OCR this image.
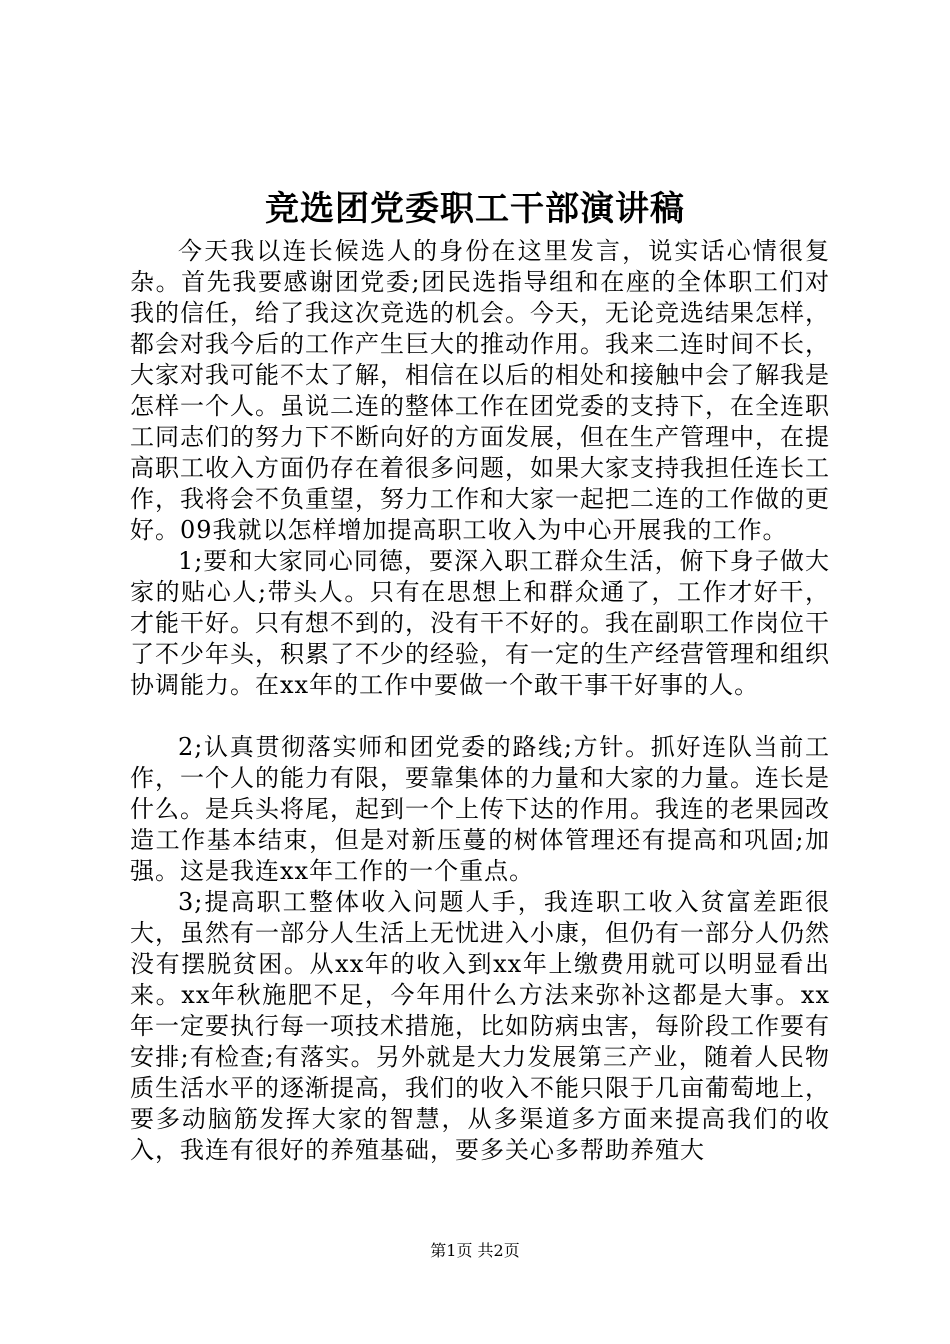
竞选团党委职工干部演讲稿

今天我以连长候选人的身份在这里发言，说实话心情很复杂。首先我要感谢团党委;团民选指导组和在座的全体职工们对我的信任，给了我这次竞选的机会。今天，无论竞选结果怎样，都会对我今后的工作产生巨大的推动作用。我来二连时间不长，大家对我可能不太了解，相信在以后的相处和接触中会了解我是怎样一个人。虽说二连的整体工作在团党委的支持下，在全连职工同志们的努力下不断向好的方面发展，但在生产管理中，在提高职工收入方面仍存在着很多问题，如果大家支持我担任连长工作，我将会不负重望，努力工作和大家一起把二连的工作做的更好。09我就以怎样增加提高职工收入为中心开展我的工作。

1;要和大家同心同德，要深入职工群众生活，俯下身子做大家的贴心人;带头人。只有在思想上和群众通了，工作才好干，才能干好。只有想不到的，没有干不好的。我在副职工作岗位干了不少年头，积累了不少的经验，有一定的生产经营管理和组织协调能力。在xx年的工作中要做一个敢干事干好事的人。

2;认真贯彻落实师和团党委的路线;方针。抓好连队当前工作，一个人的能力有限，要靠集体的力量和大家的力量。连长是什么。是兵头将尾，起到一个上传下达的作用。我连的老果园改造工作基本结束，但是对新压蔓的树体管理还有提高和巩固;加强。这是我连xx年工作的一个重点。

3;提高职工整体收入问题人手，我连职工收入贫富差距很大，虽然有一部分人生活上无忧进入小康，但仍有一部分人仍然没有摆脱贫困。从xx年的收入到xx年上缴费用就可以明显看出来。xx年秋施肥不足，今年用什么方法来弥补这都是大事。xx年一定要执行每一项技术措施，比如防病虫害，每阶段工作要有安排;有检查;有落实。另外就是大力发展第三产业，随着人民物质生活水平的逐渐提高，我们的收入不能只限于几亩葡萄地上，要多动脑筋发挥大家的智慧，从多渠道多方面来提高我们的收入，我连有很好的养殖基础，要多关心多帮助养殖大

第1页 共2页
